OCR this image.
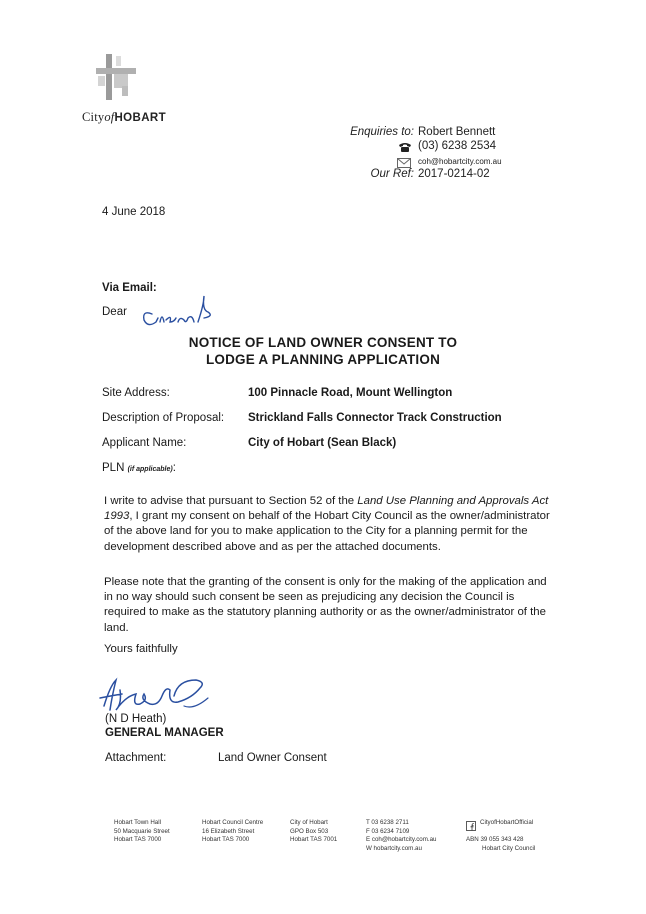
CityofHOBART
Enquiries to: Robert Bennett
(03) 6238 2534
coh@hobartcity.com.au
Our Ref: 2017-0214-02
4 June 2018
Via Email:
Dear
NOTICE OF LAND OWNER CONSENT TO
LODGE A PLANNING APPLICATION
Site Address:	100 Pinnacle Road, Mount Wellington
Description of Proposal: Strickland Falls Connector Track Construction
Applicant Name:	City of Hobart (Sean Black)
PLN (if applicable):
I write to advise that pursuant to Section 52 of the Land Use Planning and Approvals Act 1993, I grant my consent on behalf of the Hobart City Council as the owner/administrator of the above land for you to make application to the City for a planning permit for the development described above and as per the attached documents.
Please note that the granting of the consent is only for the making of the application and in no way should such consent be seen as prejudicing any decision the Council is required to make as the statutory planning authority or as the owner/administrator of the land.
Yours faithfully
(N D Heath)
GENERAL MANAGER
Attachment:	Land Owner Consent
Hobart Town Hall
50 Macquarie Street
Hobart TAS 7000
Hobart Council Centre
16 Elizabeth Street
Hobart TAS 7000
City of Hobart
GPO Box 503
Hobart TAS 7001
T 03 6238 2711
F 03 6234 7109
E coh@hobartcity.com.au
W hobartcity.com.au
CityofHobartOfficial
ABN 39 055 343 428
Hobart City Council
